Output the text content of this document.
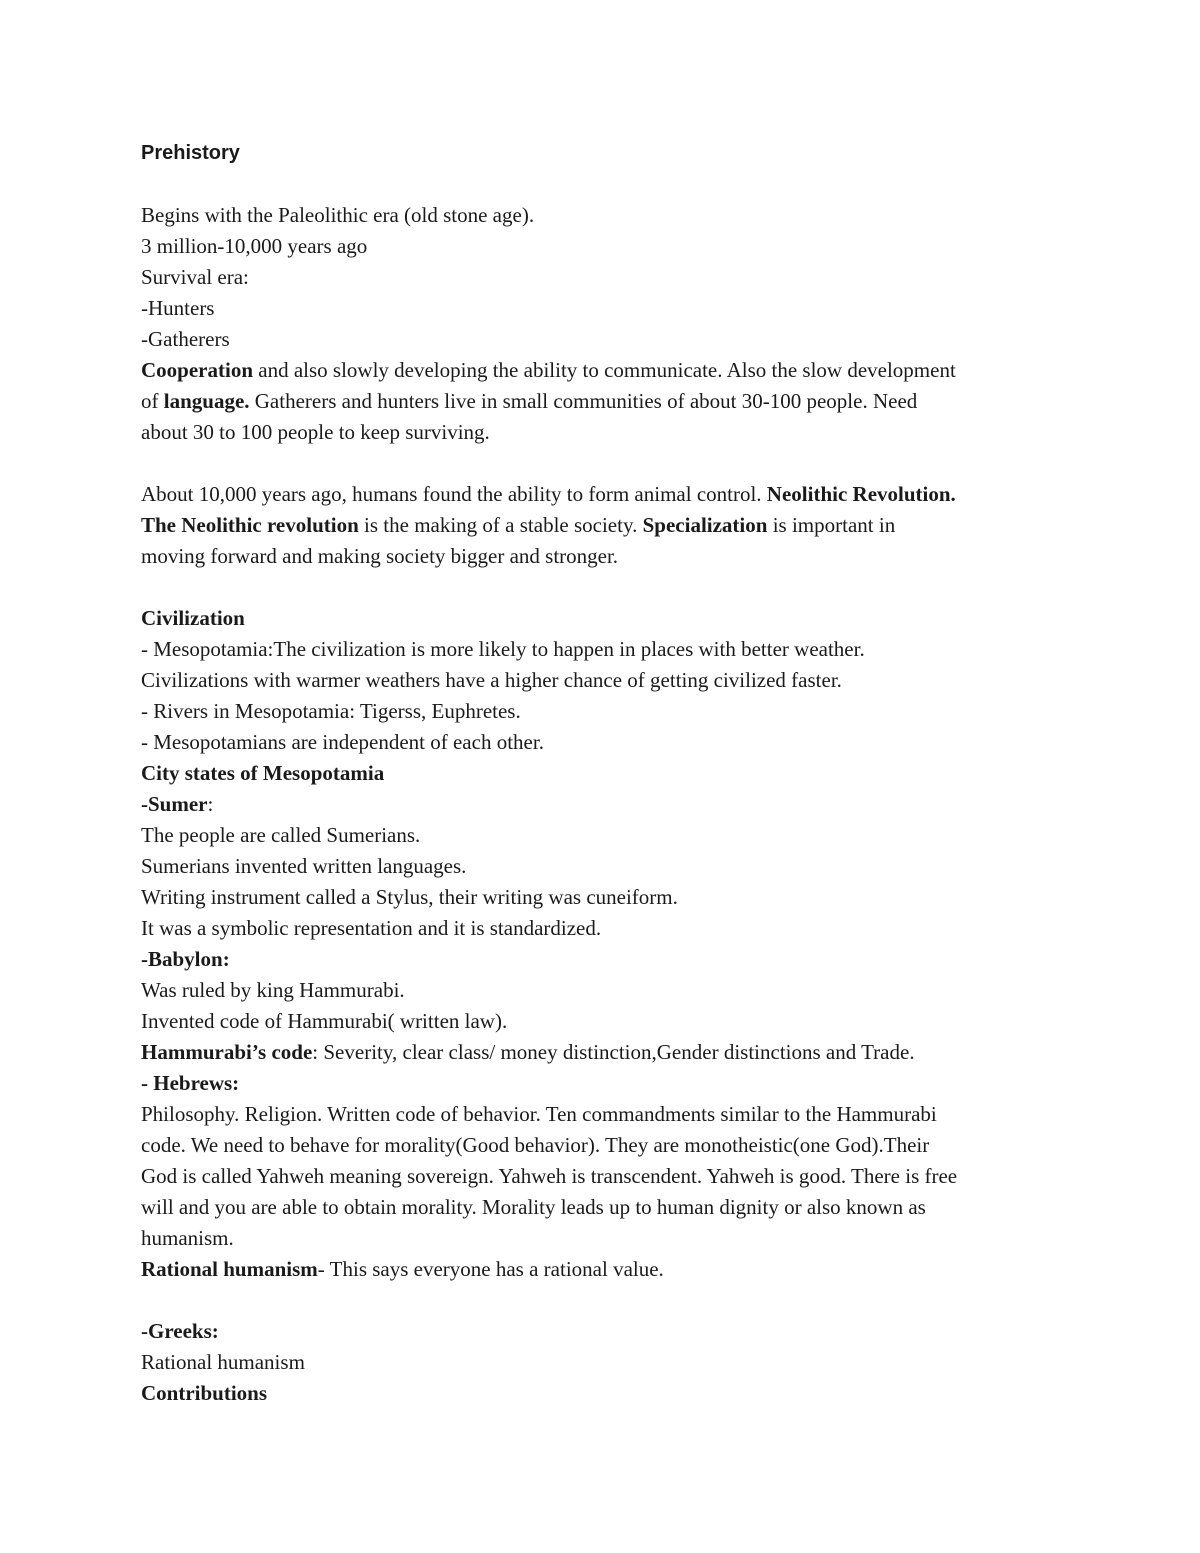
Prehistory
Begins with the Paleolithic era (old stone age).
3 million-10,000 years ago
Survival era:
-Hunters
-Gatherers
Cooperation and also slowly developing the ability to communicate. Also the slow development
of language. Gatherers and hunters live in small communities of about 30-100 people. Need
about 30 to 100 people to keep surviving.
About 10,000 years ago, humans found the ability to form animal control. Neolithic Revolution.
The Neolithic revolution is the making of a stable society. Specialization is important in
moving forward and making society bigger and stronger.
Civilization
- Mesopotamia:The civilization is more likely to happen in places with better weather.
Civilizations with warmer weathers have a higher chance of getting civilized faster.
- Rivers in Mesopotamia: Tigerss, Euphretes.
- Mesopotamians are independent of each other.
City states of Mesopotamia
-Sumer:
The people are called Sumerians.
Sumerians invented written languages.
Writing instrument called a Stylus, their writing was cuneiform.
It was a symbolic representation and it is standardized.
-Babylon:
Was ruled by king Hammurabi.
Invented code of Hammurabi( written law).
Hammurabi’s code: Severity, clear class/ money distinction,Gender distinctions and Trade.
- Hebrews:
Philosophy. Religion. Written code of behavior. Ten commandments similar to the Hammurabi
code. We need to behave for morality(Good behavior). They are monotheistic(one God).Their
God is called Yahweh meaning sovereign. Yahweh is transcendent. Yahweh is good. There is free
will and you are able to obtain morality. Morality leads up to human dignity or also known as
humanism.
Rational humanism- This says everyone has a rational value.
-Greeks:
Rational humanism
Contributions
